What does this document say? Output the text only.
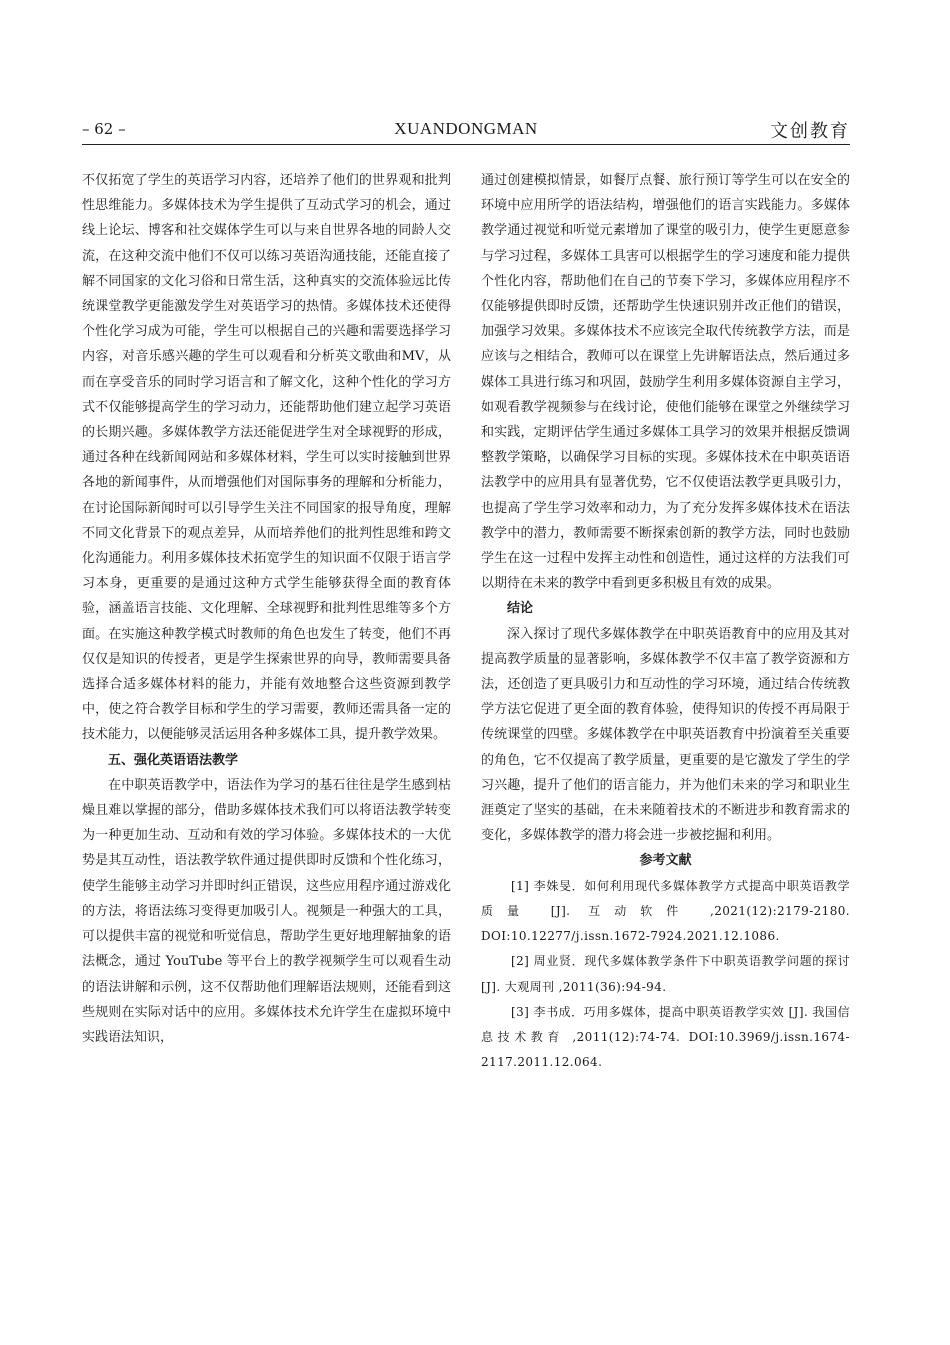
– 62 –	XUANDONGMAN	文创教育

不仅拓宽了学生的英语学习内容，还培养了他们的世界观和批判性思维能力。多媒体技术为学生提供了互动式学习的机会，通过线上论坛、博客和社交媒体学生可以与来自世界各地的同龄人交流，在这种交流中他们不仅可以练习英语沟通技能，还能直接了解不同国家的文化习俗和日常生活，这种真实的交流体验远比传统课堂教学更能激发学生对英语学习的热情。多媒体技术还使得个性化学习成为可能，学生可以根据自己的兴趣和需要选择学习内容，对音乐感兴趣的学生可以观看和分析英文歌曲和MV，从而在享受音乐的同时学习语言和了解文化，这种个性化的学习方式不仅能够提高学生的学习动力，还能帮助他们建立起学习英语的长期兴趣。多媒体教学方法还能促进学生对全球视野的形成，通过各种在线新闻网站和多媒体材料，学生可以实时接触到世界各地的新闻事件，从而增强他们对国际事务的理解和分析能力，在讨论国际新闻时可以引导学生关注不同国家的报导角度，理解不同文化背景下的观点差异，从而培养他们的批判性思维和跨文化沟通能力。利用多媒体技术拓宽学生的知识面不仅限于语言学习本身，更重要的是通过这种方式学生能够获得全面的教育体验，涵盖语言技能、文化理解、全球视野和批判性思维等多个方面。在实施这种教学模式时教师的角色也发生了转变，他们不再仅仅是知识的传授者，更是学生探索世界的向导，教师需要具备选择合适多媒体材料的能力，并能有效地整合这些资源到教学中，使之符合教学目标和学生的学习需要，教师还需具备一定的技术能力，以便能够灵活运用各种多媒体工具，提升教学效果。

五、强化英语语法教学

在中职英语教学中，语法作为学习的基石往往是学生感到枯燥且难以掌握的部分，借助多媒体技术我们可以将语法教学转变为一种更加生动、互动和有效的学习体验。多媒体技术的一大优势是其互动性，语法教学软件通过提供即时反馈和个性化练习，使学生能够主动学习并即时纠正错误，这些应用程序通过游戏化的方法，将语法练习变得更加吸引人。视频是一种强大的工具，可以提供丰富的视觉和听觉信息，帮助学生更好地理解抽象的语法概念，通过 YouTube 等平台上的教学视频学生可以观看生动的语法讲解和示例，这不仅帮助他们理解语法规则，还能看到这些规则在实际对话中的应用。多媒体技术允许学生在虚拟环境中实践语法知识，

通过创建模拟情景，如餐厅点餐、旅行预订等学生可以在安全的环境中应用所学的语法结构，增强他们的语言实践能力。多媒体教学通过视觉和听觉元素增加了课堂的吸引力，使学生更愿意参与学习过程，多媒体工具害可以根据学生的学习速度和能力提供个性化内容，帮助他们在自己的节奏下学习，多媒体应用程序不仅能够提供即时反馈，还帮助学生快速识别并改正他们的错误，加强学习效果。多媒体技术不应该完全取代传统教学方法，而是应该与之相结合，教师可以在课堂上先讲解语法点，然后通过多媒体工具进行练习和巩固，鼓励学生利用多媒体资源自主学习，如观看教学视频参与在线讨论，使他们能够在课堂之外继续学习和实践，定期评估学生通过多媒体工具学习的效果并根据反馈调整教学策略，以确保学习目标的实现。多媒体技术在中职英语语法教学中的应用具有显著优势，它不仅使语法教学更具吸引力，也提高了学生学习效率和动力，为了充分发挥多媒体技术在语法教学中的潜力，教师需要不断探索创新的教学方法，同时也鼓励学生在这一过程中发挥主动性和创造性，通过这样的方法我们可以期待在未来的教学中看到更多积极且有效的成果。

结论

深入探讨了现代多媒体教学在中职英语教育中的应用及其对提高教学质量的显著影响，多媒体教学不仅丰富了教学资源和方法，还创造了更具吸引力和互动性的学习环境，通过结合传统教学方法它促进了更全面的教育体验，使得知识的传授不再局限于传统课堂的四壁。多媒体教学在中职英语教育中扮演着至关重要的角色，它不仅提高了教学质量，更重要的是它激发了学生的学习兴趣，提升了他们的语言能力，并为他们未来的学习和职业生涯奠定了坚实的基础，在未来随着技术的不断进步和教育需求的变化，多媒体教学的潜力将会进一步被挖掘和利用。

参考文献

[1] 李姝旻．如何利用现代多媒体教学方式提高中职英语教学质量 [J]. 互动软件 ,2021(12):2179-2180. DOI:10.12277/j.issn.1672-7924.2021.12.1086.

[2] 周业贤．现代多媒体教学条件下中职英语教学问题的探讨 [J]. 大观周刊 ,2011(36):94-94.

[3] 李书成．巧用多媒体，提高中职英语教学实效 [J]. 我国信息技术教育 ,2011(12):74-74. DOI:10.3969/j.issn.1674-2117.2011.12.064.
